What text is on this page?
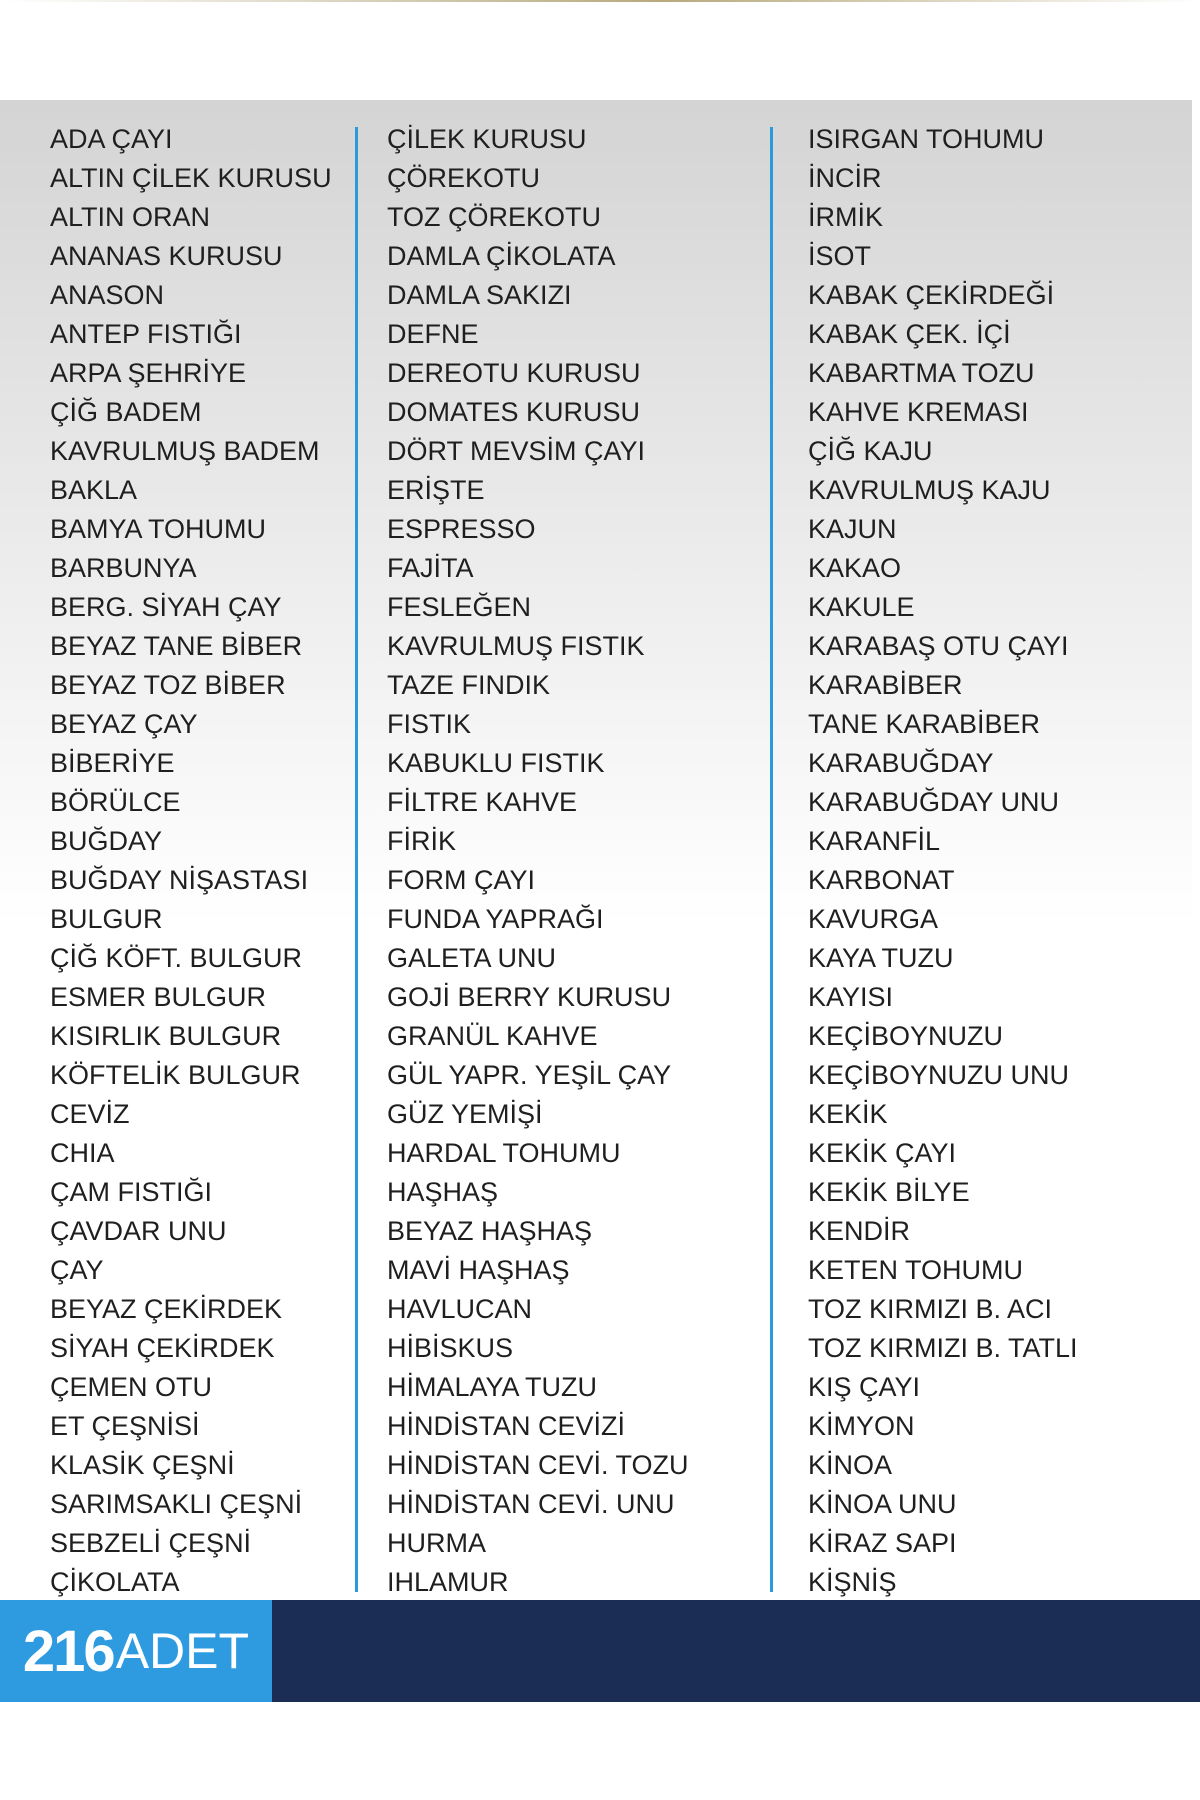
ADA ÇAYI
ALTIN ÇİLEK KURUSU
ALTIN ORAN
ANANAS KURUSU
ANASON
ANTEP FISTIĞI
ARPA ŞEHRİYE
ÇİĞ BADEM
KAVRULMUŞ BADEM
BAKLA
BAMYA TOHUMU
BARBUNYA
BERG. SİYAH ÇAY
BEYAZ TANE BİBER
BEYAZ TOZ BİBER
BEYAZ ÇAY
BİBERİYE
BÖRÜLCE
BUĞDAY
BUĞDAY NİŞASTASI
BULGUR
ÇİĞ KÖFT. BULGUR
ESMER BULGUR
KISIRLIK BULGUR
KÖFTELİK BULGUR
CEVİZ
CHIA
ÇAM FISTIĞI
ÇAVDAR UNU
ÇAY
BEYAZ ÇEKİRDEK
SİYAH ÇEKİRDEK
ÇEMEN OTU
ET ÇEŞNİSİ
KLASİK ÇEŞNİ
SARIMSAKLI ÇEŞNİ
SEBZELİ ÇEŞNİ
ÇİKOLATA
ÇİLEK KURUSU
ÇÖREKOTU
TOZ ÇÖREKOTU
DAMLA ÇİKOLATA
DAMLA SAKIZI
DEFNE
DEREOTU KURUSU
DOMATES KURUSU
DÖRT MEVSİM ÇAYI
ERİŞTE
ESPRESSO
FAJİTA
FESLEĞEN
KAVRULMUŞ FISTIK
TAZE FINDIK
FISTIK
KABUKLU FISTIK
FİLTRE KAHVE
FİRİK
FORM ÇAYI
FUNDA YAPRAĞI
GALETA UNU
GOJİ BERRY KURUSU
GRANÜL KAHVE
GÜL YAPR. YEŞİL ÇAY
GÜZ YEMİŞİ
HARDAL TOHUMU
HAŞHAŞ
BEYAZ HAŞHAŞ
MAVİ HAŞHAŞ
HAVLUCAN
HİBİSKUS
HİMALAYA TUZU
HİNDİSTAN CEVİZİ
HİNDİSTAN CEVİ. TOZU
HİNDİSTAN CEVİ. UNU
HURMA
IHLAMUR
ISIRGAN TOHUMU
İNCİR
İRMİK
İSOT
KABAK ÇEKİRDEĞİ
KABAK ÇEK. İÇİ
KABARTMA TOZU
KAHVE KREMASI
ÇİĞ KAJU
KAVRULMUŞ KAJU
KAJUN
KAKAO
KAKULE
KARABAŞ OTU ÇAYI
KARABİBER
TANE KARABİBER
KARABUĞDAY
KARABUĞDAY UNU
KARANFİL
KARBONAT
KAVURGA
KAYA TUZU
KAYISI
KEÇİBOYNUZU
KEÇİBOYNUZU UNU
KEKİK
KEKİK ÇAYI
KEKİK BİLYE
KENDİR
KETEN TOHUMU
TOZ KIRMIZI B. ACI
TOZ KIRMIZI B. TATLI
KIŞ ÇAYI
KİMYON
KİNOA
KİNOA UNU
KİRAZ SAPI
KİŞNİŞ
216 ADET
